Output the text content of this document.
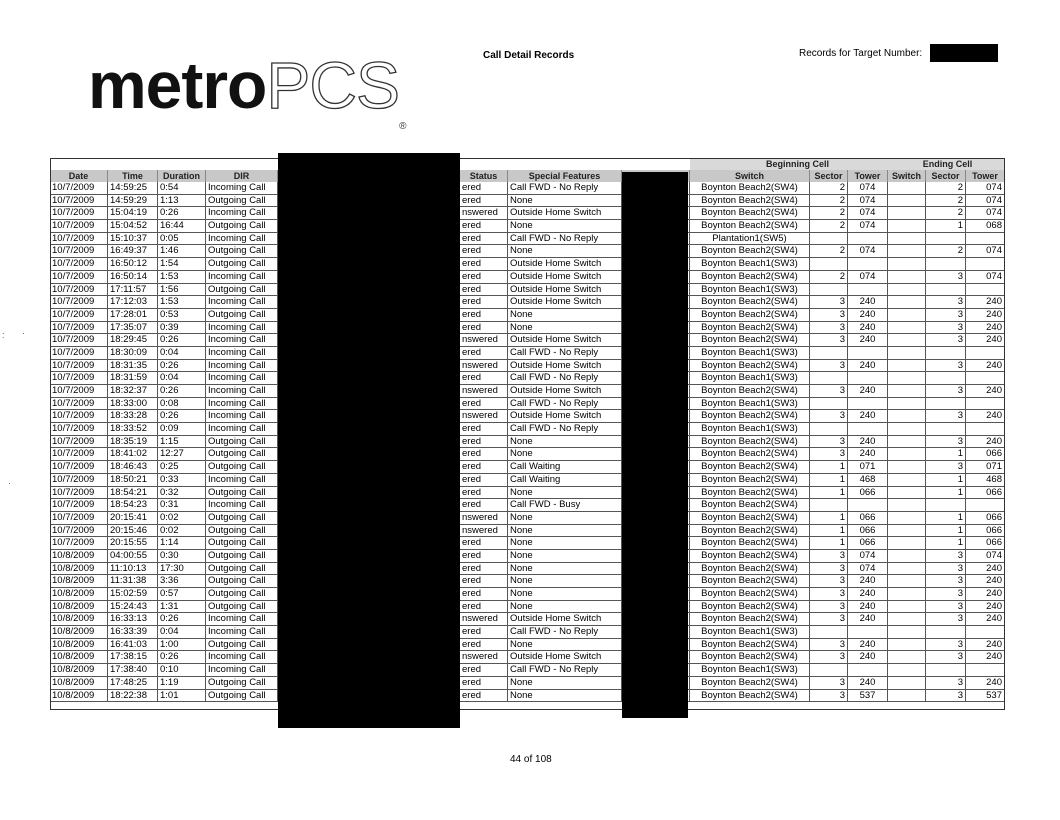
metroPCS®
Call Detail Records	Records for Target Number:
Beginning Cell	Ending Cell
Date	Time	Duration	DIR	Status	Special Features	Switch	Sector	Tower	Switch	Sector	Tower
10/7/2009	14:59:25	0:54	Incoming Call	ered	Call FWD - No Reply	Boynton Beach2(SW4)	2	074	2	074
10/7/2009	14:59:29	1:13	Outgoing Call	ered	None	Boynton Beach2(SW4)	2	074	2	074
10/7/2009	15:04:19	0:26	Incoming Call	nswered	Outside Home Switch	Boynton Beach2(SW4)	2	074	2	074
10/7/2009	15:04:52	16:44	Outgoing Call	ered	None	Boynton Beach2(SW4)	2	074	1	068
10/7/2009	15:10:37	0:05	Incoming Call	ered	Call FWD - No Reply	Plantation1(SW5)
10/7/2009	16:49:37	1:46	Outgoing Call	ered	None	Boynton Beach2(SW4)	2	074	2	074
10/7/2009	16:50:12	1:54	Outgoing Call	ered	Outside Home Switch	Boynton Beach1(SW3)
10/7/2009	16:50:14	1:53	Incoming Call	ered	Outside Home Switch	Boynton Beach2(SW4)	2	074	3	074
10/7/2009	17:11:57	1:56	Outgoing Call	ered	Outside Home Switch	Boynton Beach1(SW3)
10/7/2009	17:12:03	1:53	Incoming Call	ered	Outside Home Switch	Boynton Beach2(SW4)	3	240	3	240
10/7/2009	17:28:01	0:53	Outgoing Call	ered	None	Boynton Beach2(SW4)	3	240	3	240
10/7/2009	17:35:07	0:39	Incoming Call	ered	None	Boynton Beach2(SW4)	3	240	3	240
10/7/2009	18:29:45	0:26	Incoming Call	nswered	Outside Home Switch	Boynton Beach2(SW4)	3	240	3	240
10/7/2009	18:30:09	0:04	Incoming Call	ered	Call FWD - No Reply	Boynton Beach1(SW3)
10/7/2009	18:31:35	0:26	Incoming Call	nswered	Outside Home Switch	Boynton Beach2(SW4)	3	240	3	240
10/7/2009	18:31:59	0:04	Incoming Call	ered	Call FWD - No Reply	Boynton Beach1(SW3)
10/7/2009	18:32:37	0:26	Incoming Call	nswered	Outside Home Switch	Boynton Beach2(SW4)	3	240	3	240
10/7/2009	18:33:00	0:08	Incoming Call	ered	Call FWD - No Reply	Boynton Beach1(SW3)
10/7/2009	18:33:28	0:26	Incoming Call	nswered	Outside Home Switch	Boynton Beach2(SW4)	3	240	3	240
10/7/2009	18:33:52	0:09	Incoming Call	ered	Call FWD - No Reply	Boynton Beach1(SW3)
10/7/2009	18:35:19	1:15	Outgoing Call	ered	None	Boynton Beach2(SW4)	3	240	3	240
10/7/2009	18:41:02	12:27	Outgoing Call	ered	None	Boynton Beach2(SW4)	3	240	1	066
10/7/2009	18:46:43	0:25	Outgoing Call	ered	Call Waiting	Boynton Beach2(SW4)	1	071	3	071
10/7/2009	18:50:21	0:33	Incoming Call	ered	Call Waiting	Boynton Beach2(SW4)	1	468	1	468
10/7/2009	18:54:21	0:32	Outgoing Call	ered	None	Boynton Beach2(SW4)	1	066	1	066
10/7/2009	18:54:23	0:31	Incoming Call	ered	Call FWD - Busy	Boynton Beach2(SW4)
10/7/2009	20:15:41	0:02	Outgoing Call	nswered	None	Boynton Beach2(SW4)	1	066	1	066
10/7/2009	20:15:46	0:02	Outgoing Call	nswered	None	Boynton Beach2(SW4)	1	066	1	066
10/7/2009	20:15:55	1:14	Outgoing Call	ered	None	Boynton Beach2(SW4)	1	066	1	066
10/8/2009	04:00:55	0:30	Outgoing Call	ered	None	Boynton Beach2(SW4)	3	074	3	074
10/8/2009	11:10:13	17:30	Outgoing Call	ered	None	Boynton Beach2(SW4)	3	074	3	240
10/8/2009	11:31:38	3:36	Outgoing Call	ered	None	Boynton Beach2(SW4)	3	240	3	240
10/8/2009	15:02:59	0:57	Outgoing Call	ered	None	Boynton Beach2(SW4)	3	240	3	240
10/8/2009	15:24:43	1:31	Outgoing Call	ered	None	Boynton Beach2(SW4)	3	240	3	240
10/8/2009	16:33:13	0:26	Incoming Call	nswered	Outside Home Switch	Boynton Beach2(SW4)	3	240	3	240
10/8/2009	16:33:39	0:04	Incoming Call	ered	Call FWD - No Reply	Boynton Beach1(SW3)
10/8/2009	16:41:03	1:00	Outgoing Call	ered	None	Boynton Beach2(SW4)	3	240	3	240
10/8/2009	17:38:15	0:26	Incoming Call	nswered	Outside Home Switch	Boynton Beach2(SW4)	3	240	3	240
10/8/2009	17:38:40	0:10	Incoming Call	ered	Call FWD - No Reply	Boynton Beach1(SW3)
10/8/2009	17:48:25	1:19	Outgoing Call	ered	None	Boynton Beach2(SW4)	3	240	3	240
10/8/2009	18:22:38	1:01	Outgoing Call	ered	None	Boynton Beach2(SW4)	3	537	3	537
44 of 108
: ·
·
